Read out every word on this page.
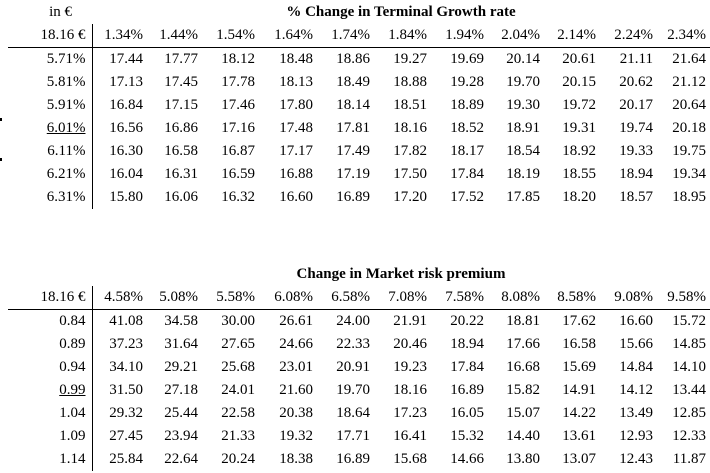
in €	% Change in Terminal Growth rate										
18.16 €	1.34%	1.44%	1.54%	1.64%	1.74%	1.84%	1.94%	2.04%	2.14%	2.24%	2.34%
5.71%	17.44	17.77	18.12	18.48	18.86	19.27	19.69	20.14	20.61	21.11	21.64
5.81%	17.13	17.45	17.78	18.13	18.49	18.88	19.28	19.70	20.15	20.62	21.12
5.91%	16.84	17.15	17.46	17.80	18.14	18.51	18.89	19.30	19.72	20.17	20.64
6.01%	16.56	16.86	17.16	17.48	17.81	18.16	18.52	18.91	19.31	19.74	20.18
6.11%	16.30	16.58	16.87	17.17	17.49	17.82	18.17	18.54	18.92	19.33	19.75
6.21%	16.04	16.31	16.59	16.88	17.19	17.50	17.84	18.19	18.55	18.94	19.34
6.31%	15.80	16.06	16.32	16.60	16.89	17.20	17.52	17.85	18.20	18.57	18.95
	Change in Market risk premium										
18.16 €	4.58%	5.08%	5.58%	6.08%	6.58%	7.08%	7.58%	8.08%	8.58%	9.08%	9.58%
0.84	41.08	34.58	30.00	26.61	24.00	21.91	20.22	18.81	17.62	16.60	15.72
0.89	37.23	31.64	27.65	24.66	22.33	20.46	18.94	17.66	16.58	15.66	14.85
0.94	34.10	29.21	25.68	23.01	20.91	19.23	17.84	16.68	15.69	14.84	14.10
0.99	31.50	27.18	24.01	21.60	19.70	18.16	16.89	15.82	14.91	14.12	13.44
1.04	29.32	25.44	22.58	20.38	18.64	17.23	16.05	15.07	14.22	13.49	12.85
1.09	27.45	23.94	21.33	19.32	17.71	16.41	15.32	14.40	13.61	12.93	12.33
1.14	25.84	22.64	20.24	18.38	16.89	15.68	14.66	13.80	13.07	12.43	11.87
